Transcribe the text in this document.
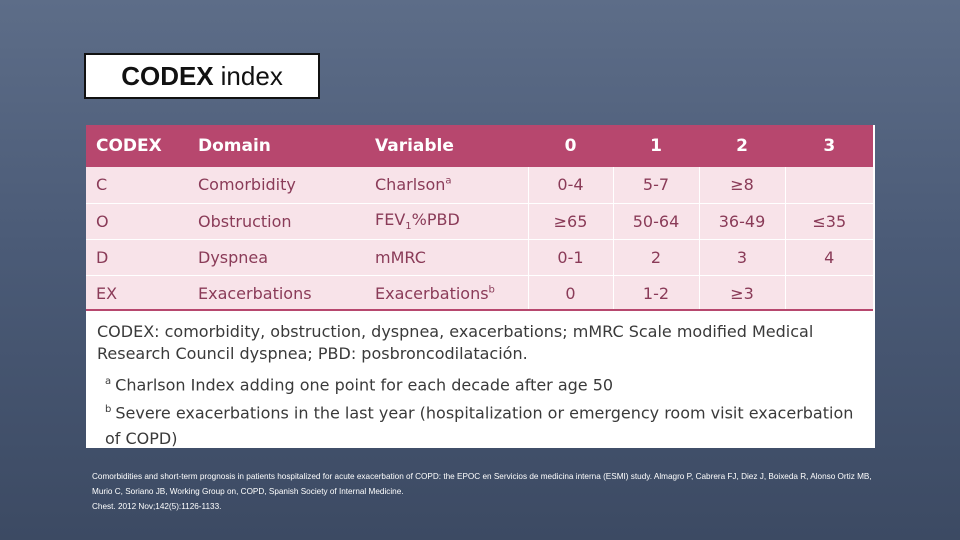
CODEX index
CODEX	Domain	Variable	0	1	2	3
C	Comorbidity	Charlson$^a$	0-4	5-7	≥8	
O	Obstruction	$FEV_1\%PBD$	≥65	50-64	36-49	≤35
D	Dyspnea	mMRC	0-1	2	3	4
EX	Exacerbations	Exacerbations$^b$	0	1-2	≥3	
CODEX: comorbidity, obstruction, dyspnea, exacerbations; mMRC Scale modified Medical Research Council dyspnea; PBD: posbroncodilatación.
$^a$ Charlson Index adding one point for each decade after age 50
$^b$ Severe exacerbations in the last year (hospitalization or emergency room visit exacerbation of COPD)
Comorbidities and short-term prognosis in patients hospitalized for acute exacerbation of COPD: the EPOC en Servicios de medicina interna (ESMI) study. Almagro P, Cabrera FJ, Diez J, Boixeda R, Alonso Ortiz MB, Murio C, Soriano JB, Working Group on, COPD, Spanish Society of Internal Medicine.
Chest. 2012 Nov;142(5):1126-1133.
